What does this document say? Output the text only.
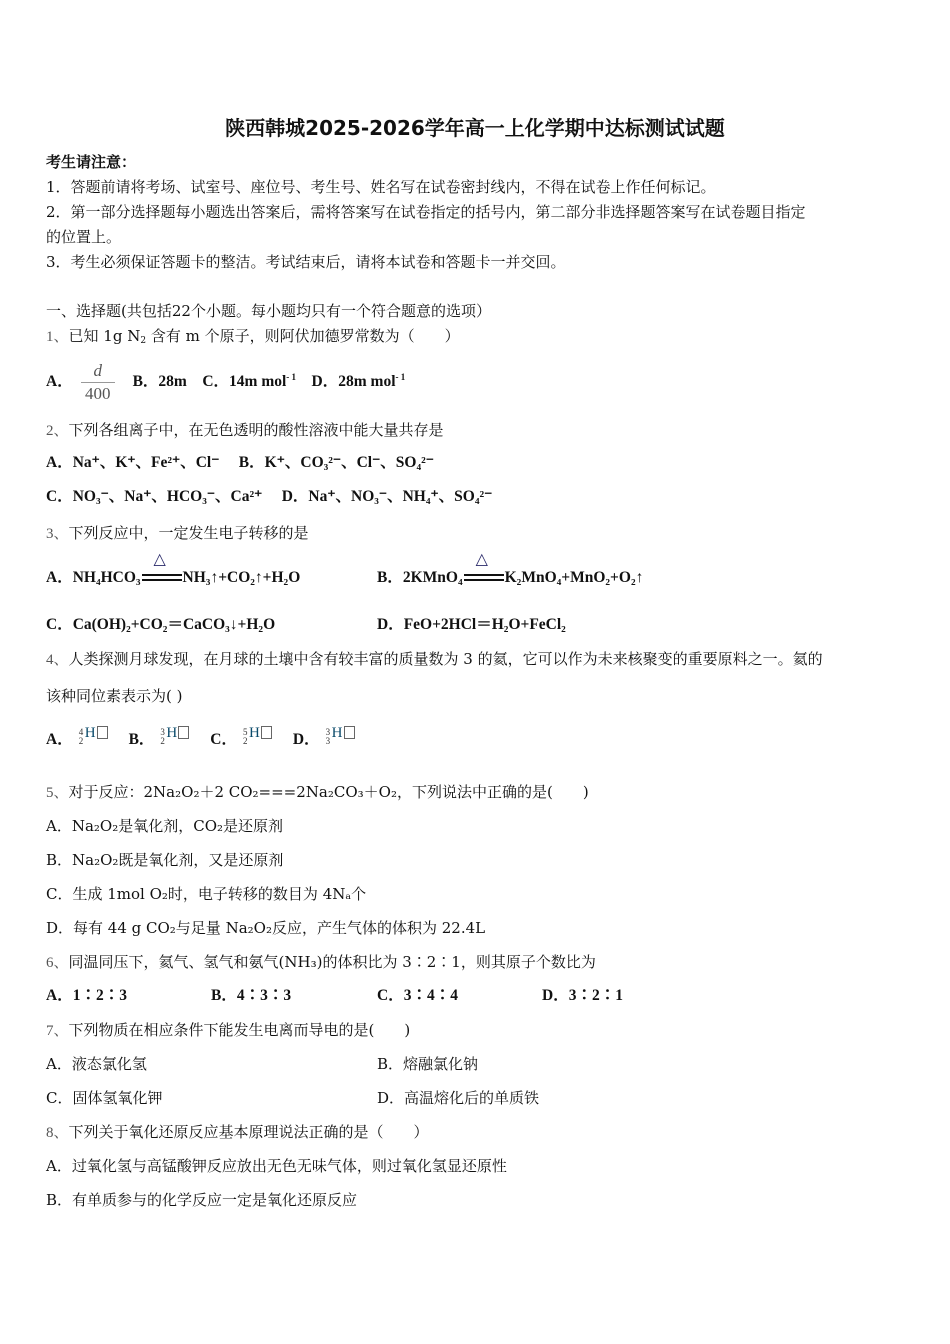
陕西韩城2025-2026学年高一上化学期中达标测试试题
考生请注意：
1．答题前请将考场、试室号、座位号、考生号、姓名写在试卷密封线内，不得在试卷上作任何标记。
2．第一部分选择题每小题选出答案后，需将答案写在试卷指定的括号内，第二部分非选择题答案写在试卷题目指定
的位置上。
3．考生必须保证答题卡的整洁。考试结束后，请将本试卷和答题卡一并交回。
一、选择题(共包括22个小题。每小题均只有一个符合题意的选项）
1、已知 1g $N_2$ 含有 m 个原子，则阿伏加德罗常数为（　　）
A． $\frac{d}{400}$ B．28m C．14m mol$^{- 1}$ D．28m mol$^{- 1}$
2、下列各组离子中，在无色透明的酸性溶液中能大量共存是
A．Na⁺、K⁺、Fe²⁺、Cl⁻ B．K⁺、CO₃²⁻、Cl⁻、SO₄²⁻
C．NO₃⁻、Na⁺、HCO₃⁻、Ca²⁺ D．Na⁺、NO₃⁻、NH₄⁺、SO₄²⁻
3、下列反应中，一定发生电子转移的是
A．NH₄HCO₃
△
NH₃↑+CO₂↑+H₂O	B．2KMnO₄
△
K₂MnO₄+MnO₂+O₂↑
C．Ca(OH)₂+CO₂＝CaCO₃↓+H₂O	D．FeO+2HCl＝H₂O+FeCl₂
4、人类探测月球发现，在月球的土壤中含有较丰富的质量数为 3 的氦，它可以作为未来核聚变的重要原料之一。氦的
该种同位素表示为( )
A． 4
2 H B． 3
2 H C． 5
2 H D． 3
3 H
5、对于反应：2Na₂O₂＋2 CO₂===2Na₂CO₃＋O₂，下列说法中正确的是(　　)
A．Na₂O₂是氧化剂，CO₂是还原剂
B．Na₂O₂既是氧化剂，又是还原剂
C．生成 1mol O₂时，电子转移的数目为 4Nₐ个
D．每有 44 g CO₂与足量 Na₂O₂反应，产生气体的体积为 22.4L
6、同温同压下，氦气、氢气和氨气(NH₃)的体积比为 3∶2∶1，则其原子个数比为
A．1∶2∶3	B．4∶3∶3	C．3∶4∶4	D．3∶2∶1
7、下列物质在相应条件下能发生电离而导电的是(　　)
A．液态氯化氢	B．熔融氯化钠
C．固体氢氧化钾	D．高温熔化后的单质铁
8、下列关于氧化还原反应基本原理说法正确的是（　　）
A．过氧化氢与高锰酸钾反应放出无色无味气体，则过氧化氢显还原性
B．有单质参与的化学反应一定是氧化还原反应
